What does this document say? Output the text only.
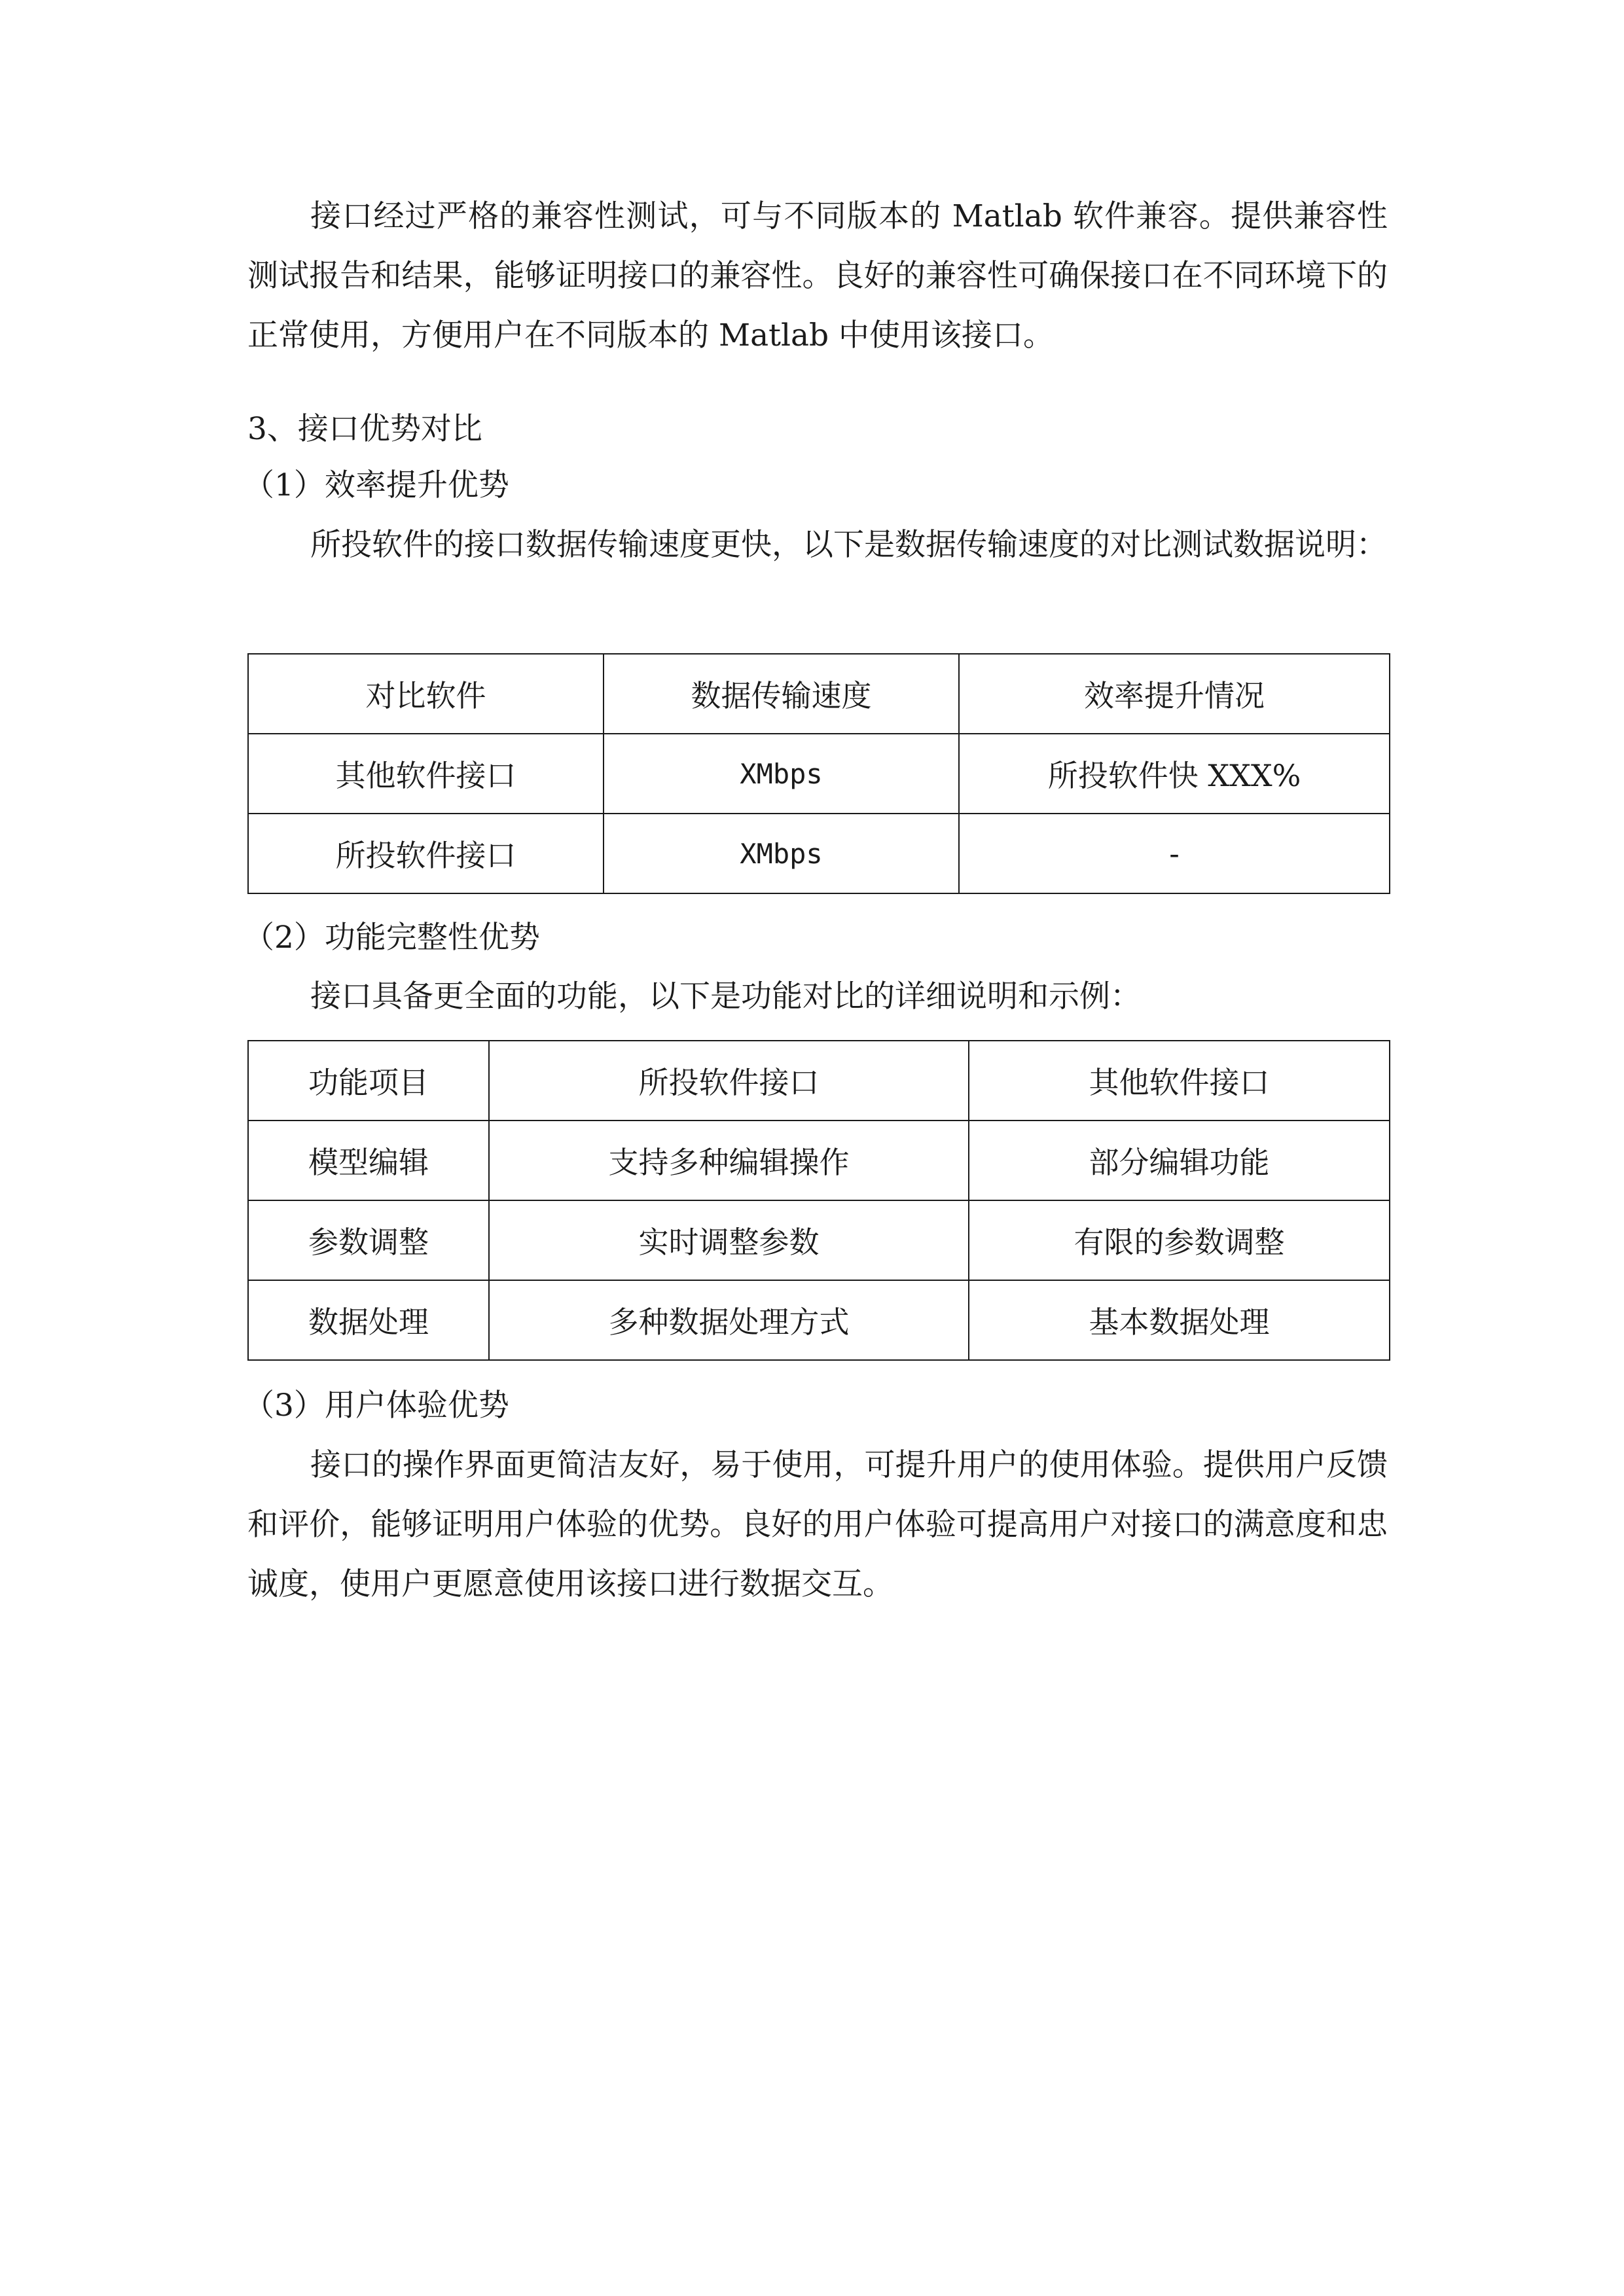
接口经过严格的兼容性测试，可与不同版本的 Matlab 软件兼容。提供兼容性测试报告和结果，能够证明接口的兼容性。良好的兼容性可确保接口在不同环境下的正常使用，方便用户在不同版本的 Matlab 中使用该接口。

3、接口优势对比

（1）效率提升优势

所投软件的接口数据传输速度更快，以下是数据传输速度的对比测试数据说明：

对比软件	数据传输速度	效率提升情况
其他软件接口	XMbps	所投软件快 XXX%
所投软件接口	XMbps	-

（2）功能完整性优势

接口具备更全面的功能，以下是功能对比的详细说明和示例：

功能项目	所投软件接口	其他软件接口
模型编辑	支持多种编辑操作	部分编辑功能
参数调整	实时调整参数	有限的参数调整
数据处理	多种数据处理方式	基本数据处理

（3）用户体验优势

接口的操作界面更简洁友好，易于使用，可提升用户的使用体验。提供用户反馈和评价，能够证明用户体验的优势。良好的用户体验可提高用户对接口的满意度和忠诚度，使用户更愿意使用该接口进行数据交互。
